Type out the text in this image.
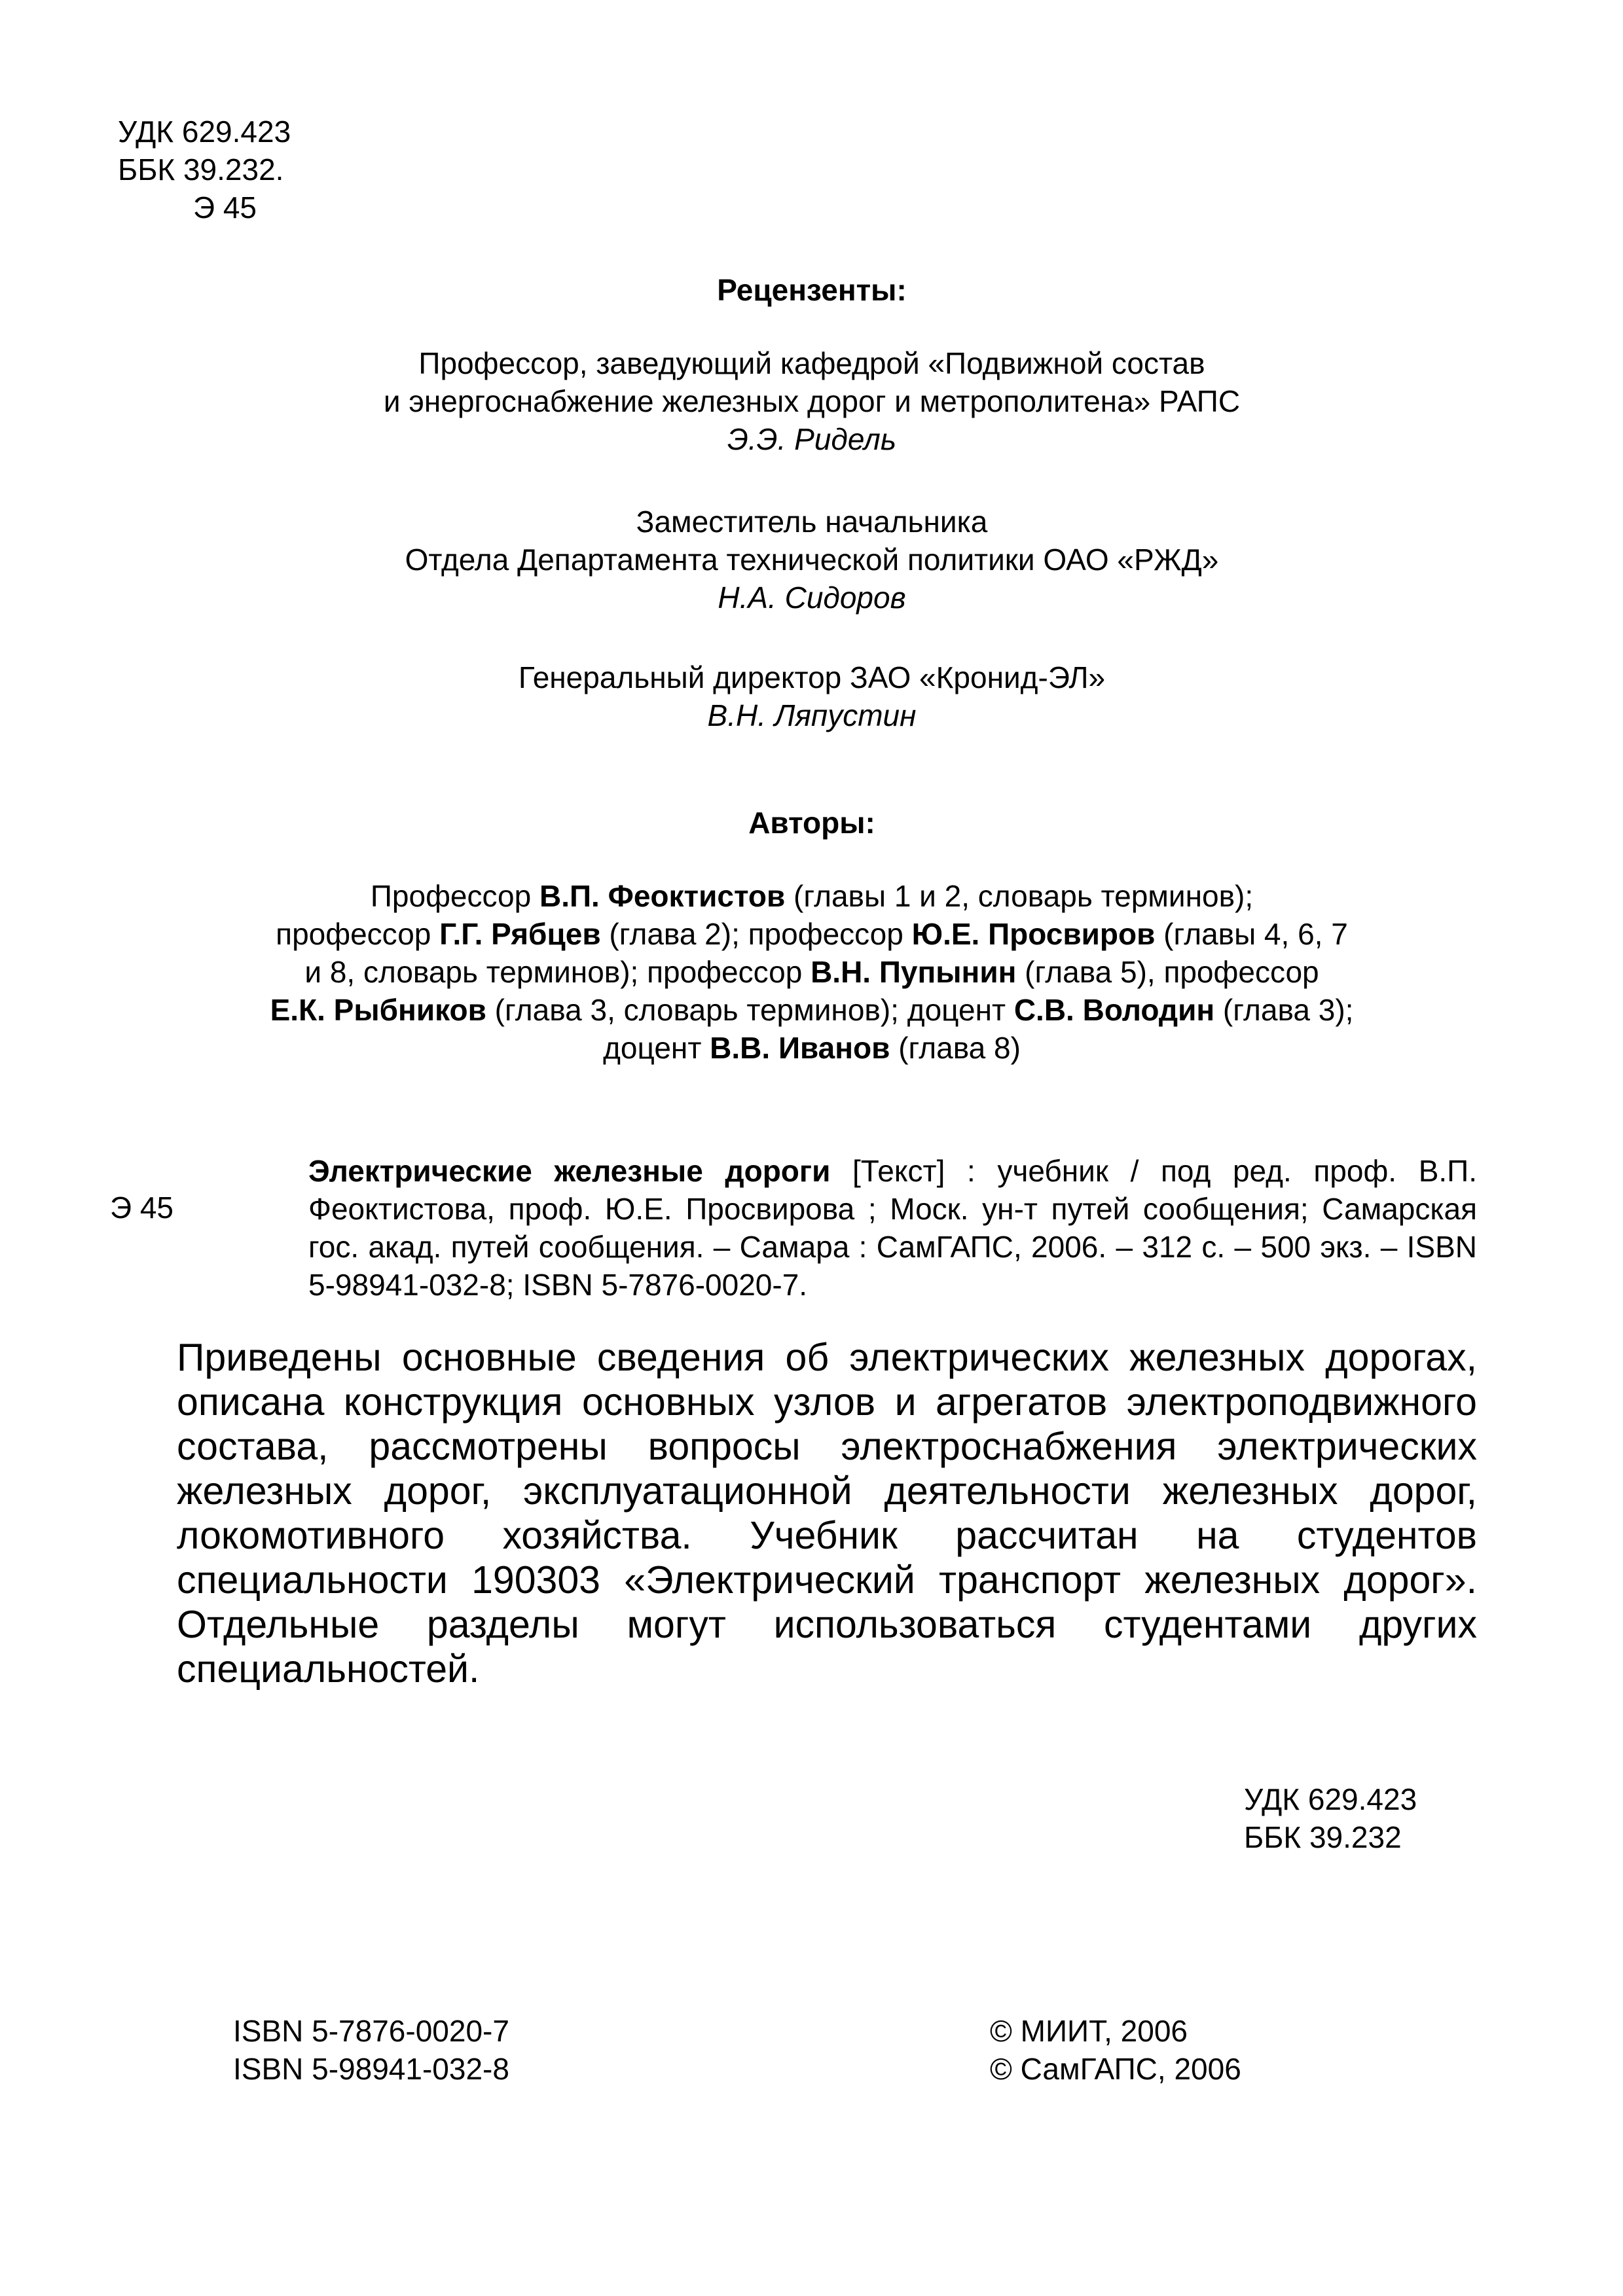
УДК 629.423
ББК 39.232.
Э 45
Рецензенты:
Профессор, заведующий кафедрой «Подвижной состав
и энергоснабжение железных дорог и метрополитена» РАПС
Э.Э. Ридель
Заместитель начальника
Отдела Департамента технической политики ОАО «РЖД»
Н.А. Сидоров
Генеральный директор ЗАО «Кронид-ЭЛ»
В.Н. Ляпустин
Авторы:
Профессор В.П. Феоктистов (главы 1 и 2, словарь терминов);
профессор Г.Г. Рябцев (глава 2); профессор Ю.Е. Просвиров (главы 4, 6, 7
и 8, словарь терминов); профессор В.Н. Пупынин (глава 5), профессор
Е.К. Рыбников (глава 3, словарь терминов); доцент С.В. Володин (глава 3);
доцент В.В. Иванов (глава 8)
Э 45
Электрические железные дороги [Текст] : учебник / под ред. проф. В.П. Феоктистова, проф. Ю.Е. Просвирова ; Моск. ун-т путей сообщения; Самарская гос. акад. путей сообщения. – Самара : СамГАПС, 2006. – 312 с. – 500 экз. – ISBN 5-98941-032-8; ISBN 5-7876-0020-7.
Приведены основные сведения об электрических железных дорогах, описана конструкция основных узлов и агрегатов электроподвижного состава, рассмотрены вопросы электроснабжения электрических железных дорог, эксплуатационной деятельности железных дорог, локомотивного хозяйства. Учебник рассчитан на студентов специальности 190303 «Электрический транспорт железных дорог». Отдельные разделы могут использоваться студентами других специальностей.
УДК 629.423
ББК 39.232
ISBN 5-7876-0020-7
ISBN 5-98941-032-8
© МИИТ, 2006
© СамГАПС, 2006
